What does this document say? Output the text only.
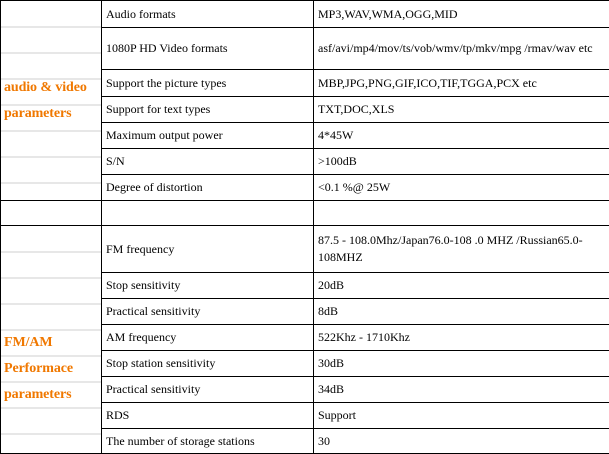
audio & video
parameters	Audio formats	MP3,WAV,WMA,OGG,MID
	1080P HD Video formats	asf/avi/mp4/mov/ts/vob/wmv/tp/mkv/mpg /rmav/wav etc
	Support the picture types	MBP,JPG,PNG,GIF,ICO,TIF,TGGA,PCX etc
	Support for text types	TXT,DOC,XLS
	Maximum output power	4*45W
	S/N	>100dB
	Degree of distortion	<0.1 %@ 25W

FM/AM
Performace
parameters	FM frequency	87.5 - 108.0Mhz/Japan76.0-108 .0 MHZ /Russian65.0-108MHZ
	Stop sensitivity	20dB
	Practical sensitivity	8dB
	AM frequency	522Khz - 1710Khz
	Stop station sensitivity	30dB
	Practical sensitivity	34dB
	RDS	Support
	The number of storage stations	30
